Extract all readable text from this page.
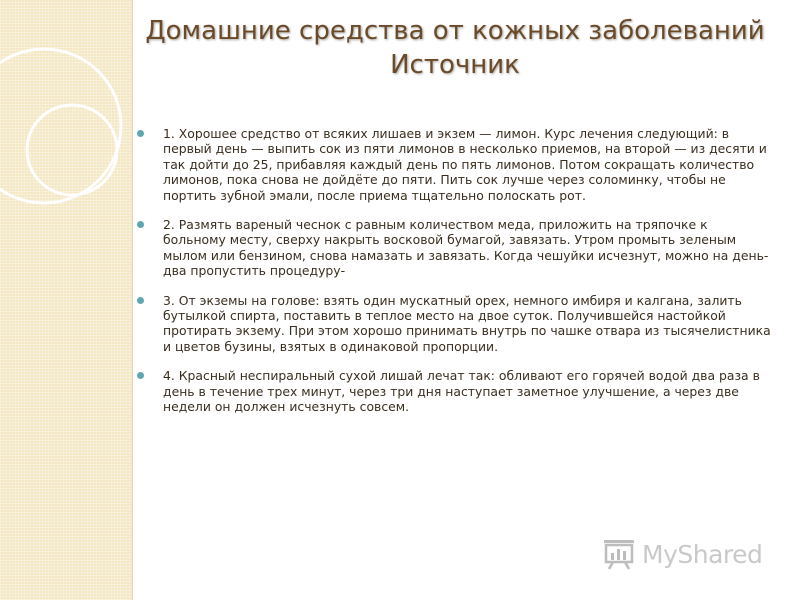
Домашние средства от кожных заболеваний
Источник
1. Хорошее средство от всяких лишаев и экзем — лимон. Курс лечения следующий: в первый день — выпить сок из пяти лимонов в несколько приемов, на второй — из десяти и так дойти до 25, прибавляя каждый день по пять лимонов. Потом сокращать количество лимонов, пока снова не дойдёте до пяти. Пить сок лучше через соломинку, чтобы не портить зубной эмали, после приема тщательно полоскать рот.
2. Размять вареный чеснок с равным количеством меда, приложить на тряпочке к больному месту, сверху накрыть восковой бумагой, завязать. Утром промыть зеленым мылом или бензином, снова намазать и завязать. Когда чешуйки исчезнут, можно на день-два пропустить процедуру-
3. От экземы на голове: взять один мускатный орех, немного имбиря и калгана, залить бутылкой спирта, поставить в теплое место на двое суток. Получившейся настойкой протирать экзему. При этом хорошо принимать внутрь по чашке отвара из тысячелистника и цветов бузины, взятых в одинаковой пропорции.
4. Красный неспиральный сухой лишай лечат так: обливают его горячей водой два раза в день в течение трех минут, через три дня наступает заметное улучшение, а через две недели он должен исчезнуть совсем.
MyShared
